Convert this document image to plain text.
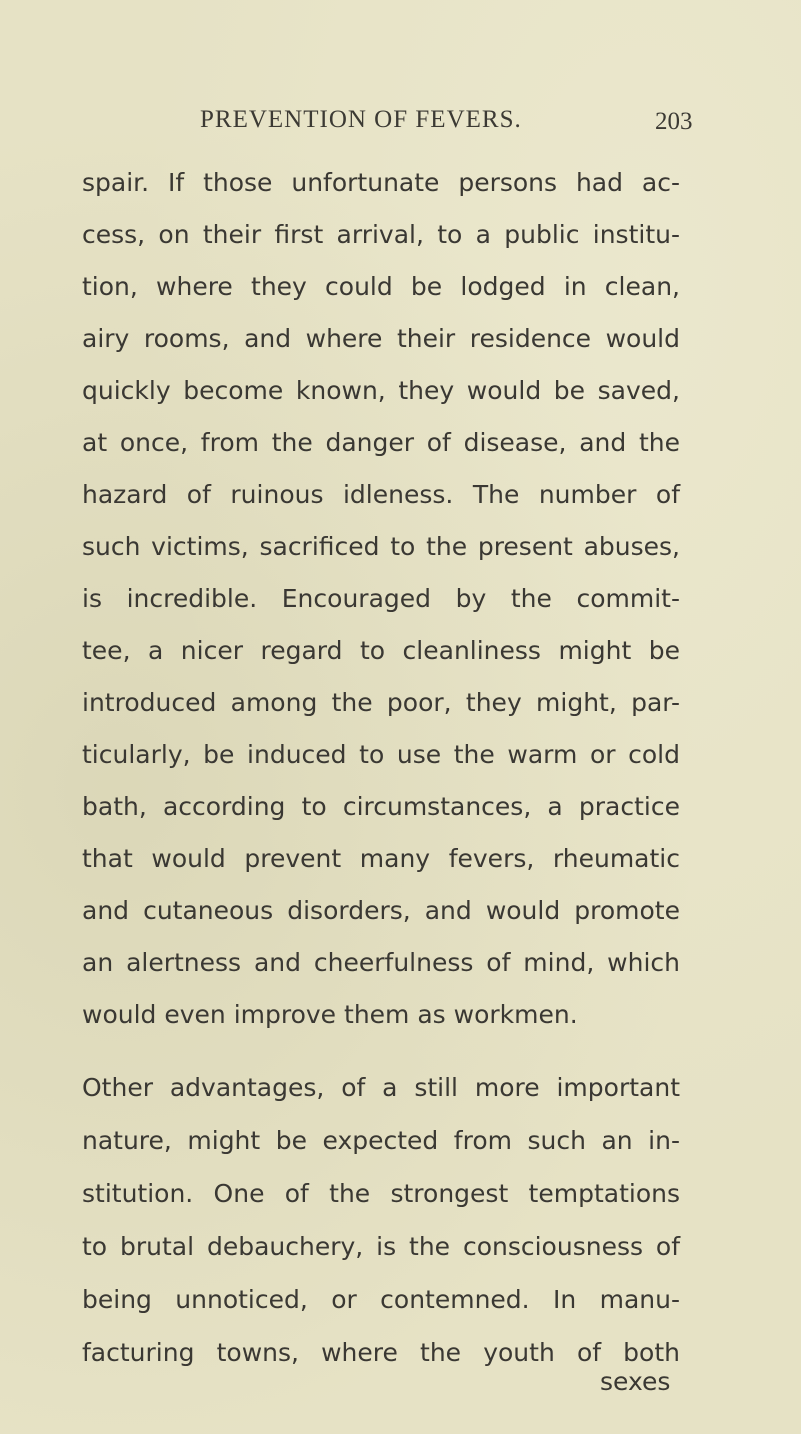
PREVENTION OF FEVERS.	203
spair. If those unfortunate persons had ac-
cess, on their first arrival, to a public institu-
tion, where they could be lodged in clean,
airy rooms, and where their residence would
quickly become known, they would be saved,
at once, from the danger of disease, and the
hazard of ruinous idleness. The number of
such victims, sacrificed to the present abuses,
is incredible. Encouraged by the commit-
tee, a nicer regard to cleanliness might be
introduced among the poor, they might, par-
ticularly, be induced to use the warm or cold
bath, according to circumstances, a practice
that would prevent many fevers, rheumatic
and cutaneous disorders, and would promote
an alertness and cheerfulness of mind, which
would even improve them as workmen.
Other advantages, of a still more important
nature, might be expected from such an in-
stitution. One of the strongest temptations
to brutal debauchery, is the consciousness of
being unnoticed, or contemned. In manu-
facturing towns, where the youth of both
sexes
